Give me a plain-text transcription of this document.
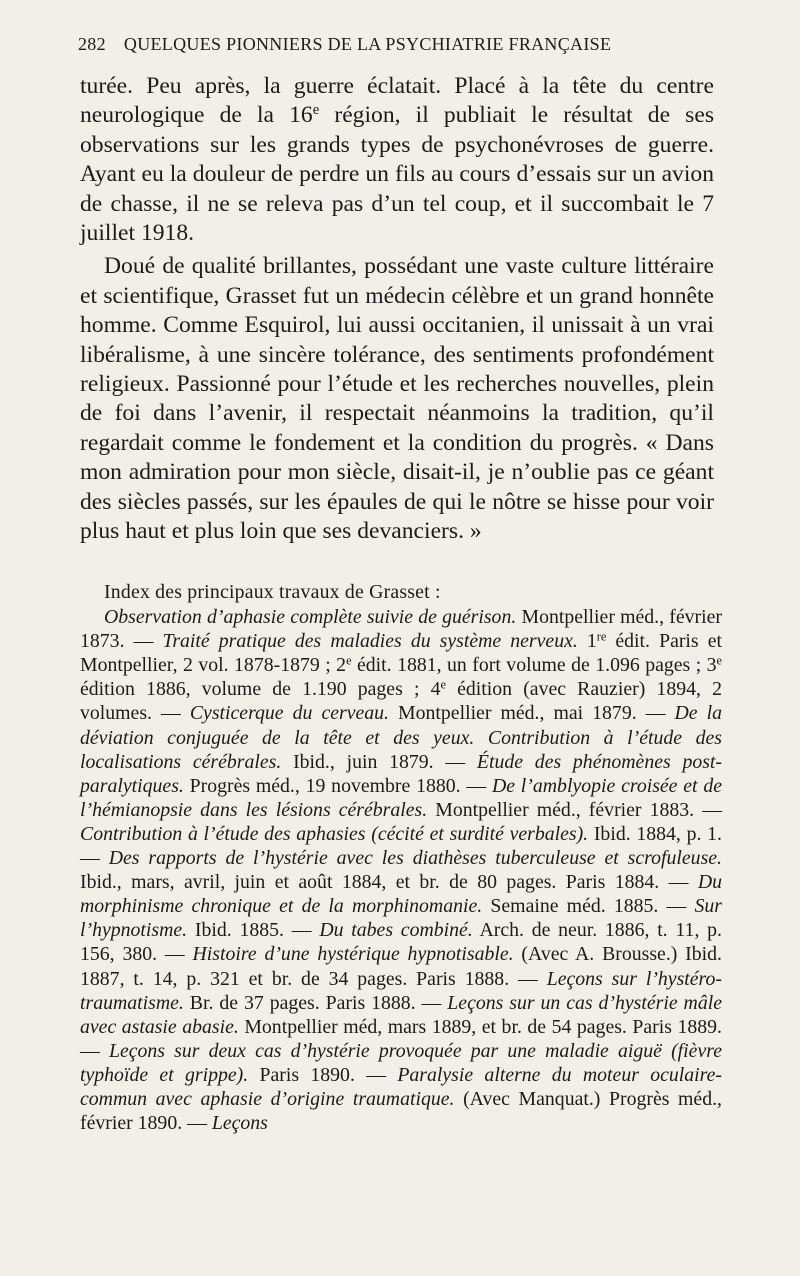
282 QUELQUES PIONNIERS DE LA PSYCHIATRIE FRANÇAISE

turée. Peu après, la guerre éclatait. Placé à la tête du centre neurologique de la 16e région, il publiait le résultat de ses observations sur les grands types de psychonévroses de guerre. Ayant eu la douleur de perdre un fils au cours d’essais sur un avion de chasse, il ne se releva pas d’un tel coup, et il succombait le 7 juillet 1918.

Doué de qualité brillantes, possédant une vaste culture littéraire et scientifique, Grasset fut un médecin célèbre et un grand honnête homme. Comme Esquirol, lui aussi occitanien, il unissait à un vrai libéralisme, à une sincère tolérance, des sentiments profondément religieux. Passionné pour l’étude et les recherches nouvelles, plein de foi dans l’avenir, il respectait néanmoins la tradition, qu’il regardait comme le fondement et la condition du progrès. « Dans mon admiration pour mon siècle, disait-il, je n’oublie pas ce géant des siècles passés, sur les épaules de qui le nôtre se hisse pour voir plus haut et plus loin que ses devanciers. »

Index des principaux travaux de Grasset :

Observation d’aphasie complète suivie de guérison. Montpellier méd., février 1873. — Traité pratique des maladies du système nerveux. 1re édit. Paris et Montpellier, 2 vol. 1878-1879 ; 2e édit. 1881, un fort volume de 1.096 pages ; 3e édition 1886, volume de 1.190 pages ; 4e édition (avec Rauzier) 1894, 2 volumes. — Cysticerque du cerveau. Montpellier méd., mai 1879. — De la déviation conjuguée de la tête et des yeux. Contribution à l’étude des localisations cérébrales. Ibid., juin 1879. — Étude des phénomènes post-paralytiques. Progrès méd., 19 novembre 1880. — De l’amblyopie croisée et de l’hémianopsie dans les lésions cérébrales. Montpellier méd., février 1883. — Contribution à l’étude des aphasies (cécité et surdité verbales). Ibid. 1884, p. 1. — Des rapports de l’hystérie avec les diathèses tuberculeuse et scrofuleuse. Ibid., mars, avril, juin et août 1884, et br. de 80 pages. Paris 1884. — Du morphinisme chronique et de la morphinomanie. Semaine méd. 1885. — Sur l’hypnotisme. Ibid. 1885. — Du tabes combiné. Arch. de neur. 1886, t. 11, p. 156, 380. — Histoire d’une hystérique hypnotisable. (Avec A. Brousse.) Ibid. 1887, t. 14, p. 321 et br. de 34 pages. Paris 1888. — Leçons sur l’hystéro-traumatisme. Br. de 37 pages. Paris 1888. — Leçons sur un cas d’hystérie mâle avec astasie abasie. Montpellier méd, mars 1889, et br. de 54 pages. Paris 1889. — Leçons sur deux cas d’hystérie provoquée par une maladie aiguë (fièvre typhoïde et grippe). Paris 1890. — Paralysie alterne du moteur oculaire-commun avec aphasie d’origine traumatique. (Avec Manquat.) Progrès méd., février 1890. — Leçons
